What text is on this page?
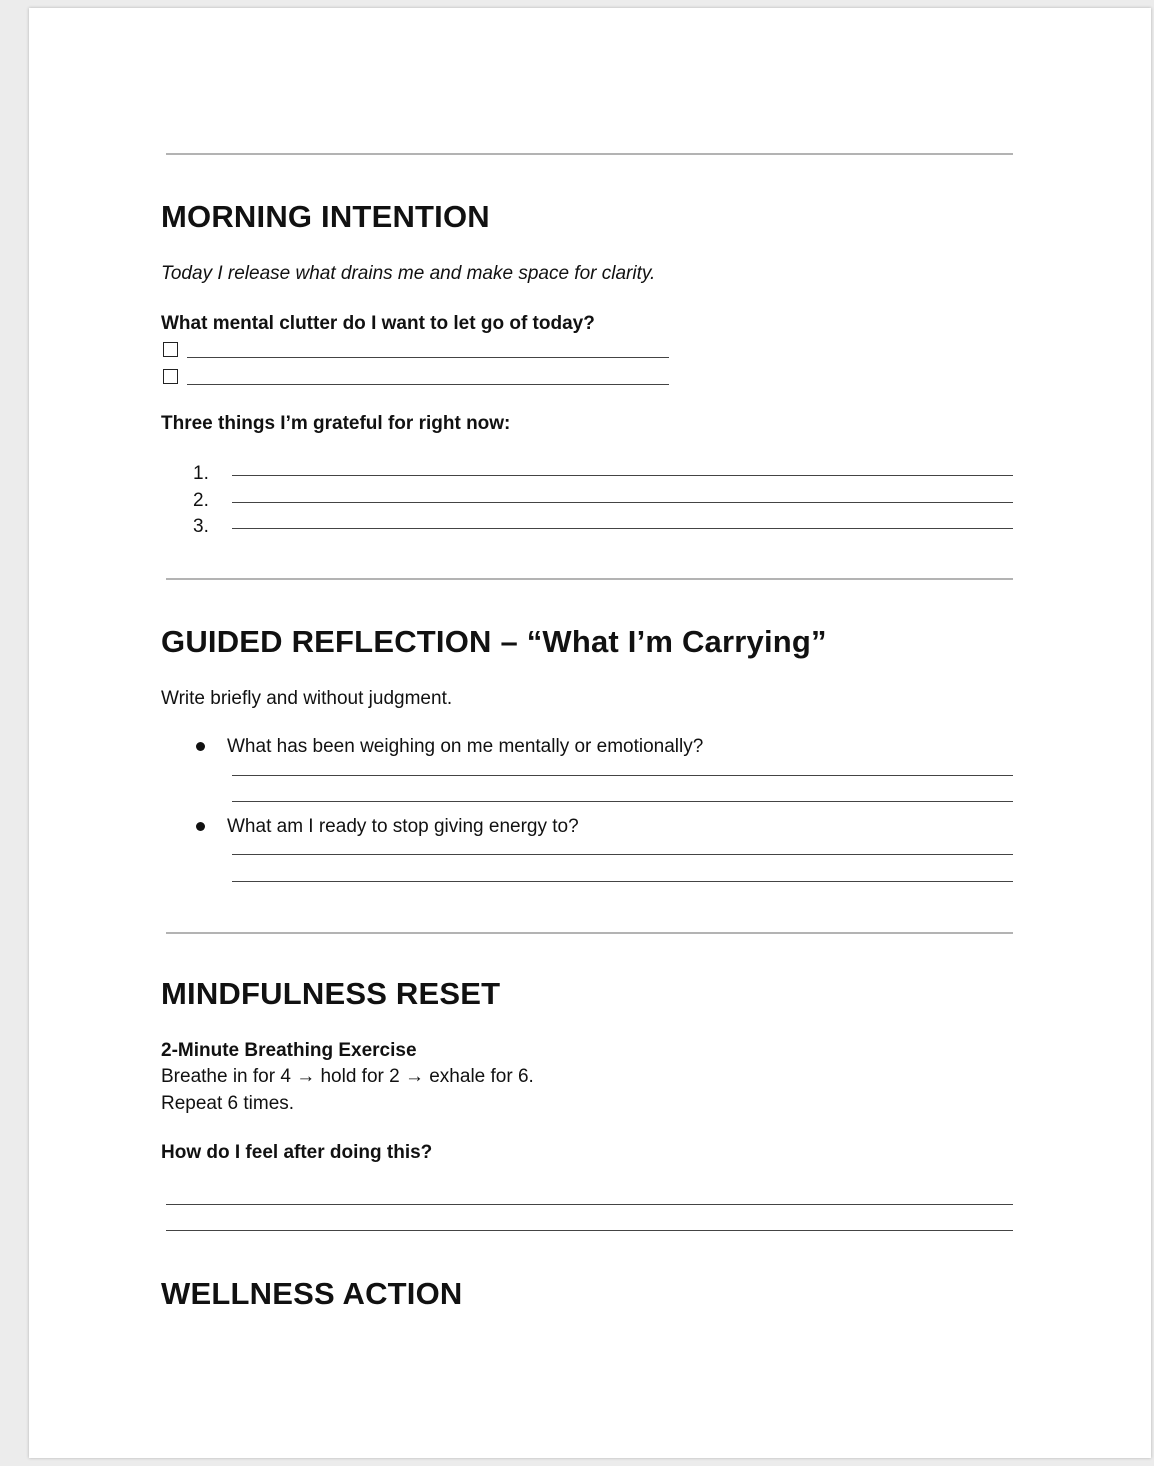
MORNING INTENTION
Today I release what drains me and make space for clarity.
What mental clutter do I want to let go of today?
Three things I’m grateful for right now:
1.
2.
3.
GUIDED REFLECTION – “What I’m Carrying”
Write briefly and without judgment.
What has been weighing on me mentally or emotionally?
What am I ready to stop giving energy to?
MINDFULNESS RESET
2-Minute Breathing Exercise
Breathe in for 4 → hold for 2 → exhale for 6.
Repeat 6 times.
How do I feel after doing this?
WELLNESS ACTION
